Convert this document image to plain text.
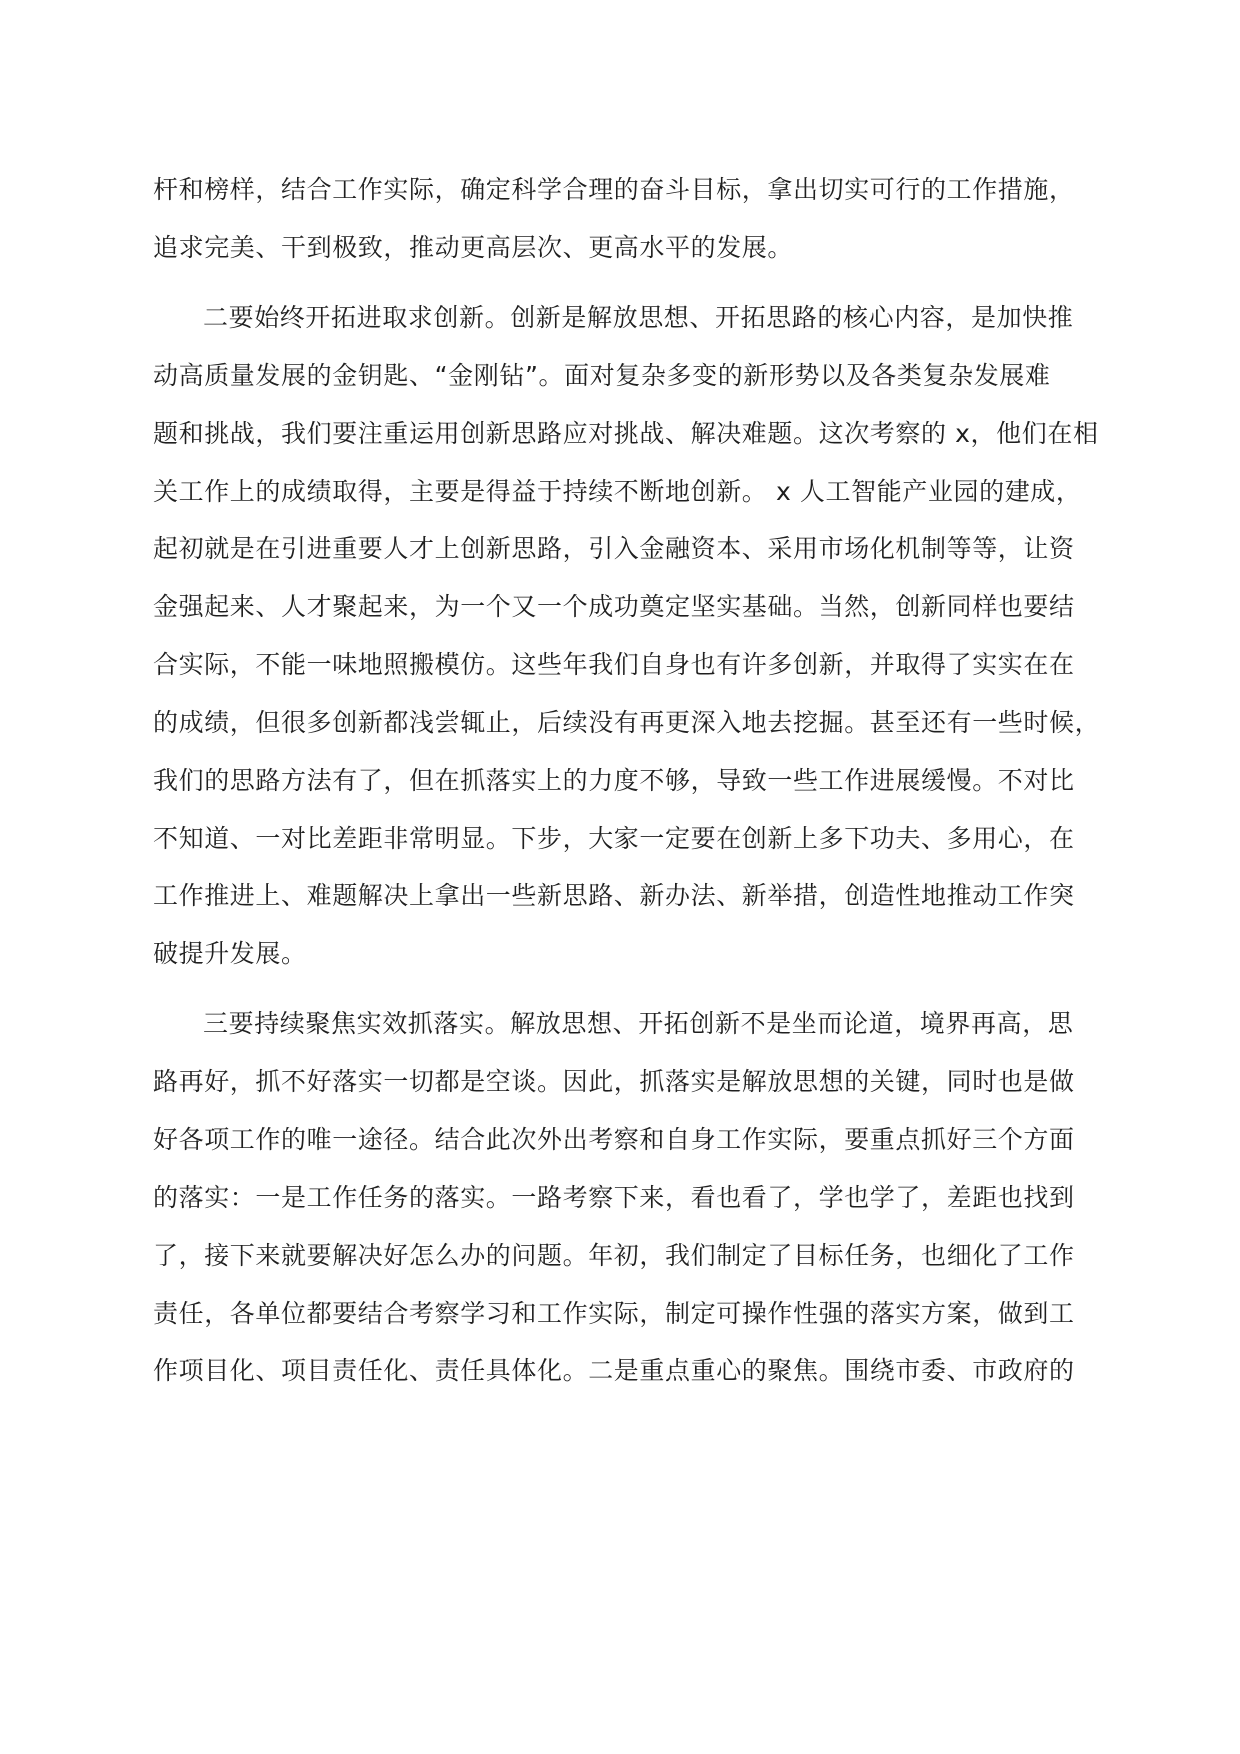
杆和榜样，结合工作实际，确定科学合理的奋斗目标，拿出切实可行的工作措施，

追求完美、干到极致，推动更高层次、更高水平的发展。

二要始终开拓进取求创新。创新是解放思想、开拓思路的核心内容，是加快推

动高质量发展的金钥匙、“金刚钻”。面对复杂多变的新形势以及各类复杂发展难

题和挑战，我们要注重运用创新思路应对挑战、解决难题。这次考察的 x，他们在相

关工作上的成绩取得，主要是得益于持续不断地创新。 x 人工智能产业园的建成，

起初就是在引进重要人才上创新思路，引入金融资本、采用市场化机制等等，让资

金强起来、人才聚起来，为一个又一个成功奠定坚实基础。当然，创新同样也要结

合实际，不能一味地照搬模仿。这些年我们自身也有许多创新，并取得了实实在在

的成绩，但很多创新都浅尝辄止，后续没有再更深入地去挖掘。甚至还有一些时候，

我们的思路方法有了，但在抓落实上的力度不够，导致一些工作进展缓慢。不对比

不知道、一对比差距非常明显。下步，大家一定要在创新上多下功夫、多用心，在

工作推进上、难题解决上拿出一些新思路、新办法、新举措，创造性地推动工作突

破提升发展。

三要持续聚焦实效抓落实。解放思想、开拓创新不是坐而论道，境界再高，思

路再好，抓不好落实一切都是空谈。因此，抓落实是解放思想的关键，同时也是做

好各项工作的唯一途径。结合此次外出考察和自身工作实际，要重点抓好三个方面

的落实：一是工作任务的落实。一路考察下来，看也看了，学也学了，差距也找到

了，接下来就要解决好怎么办的问题。年初，我们制定了目标任务，也细化了工作

责任，各单位都要结合考察学习和工作实际，制定可操作性强的落实方案，做到工

作项目化、项目责任化、责任具体化。二是重点重心的聚焦。围绕市委、市政府的
